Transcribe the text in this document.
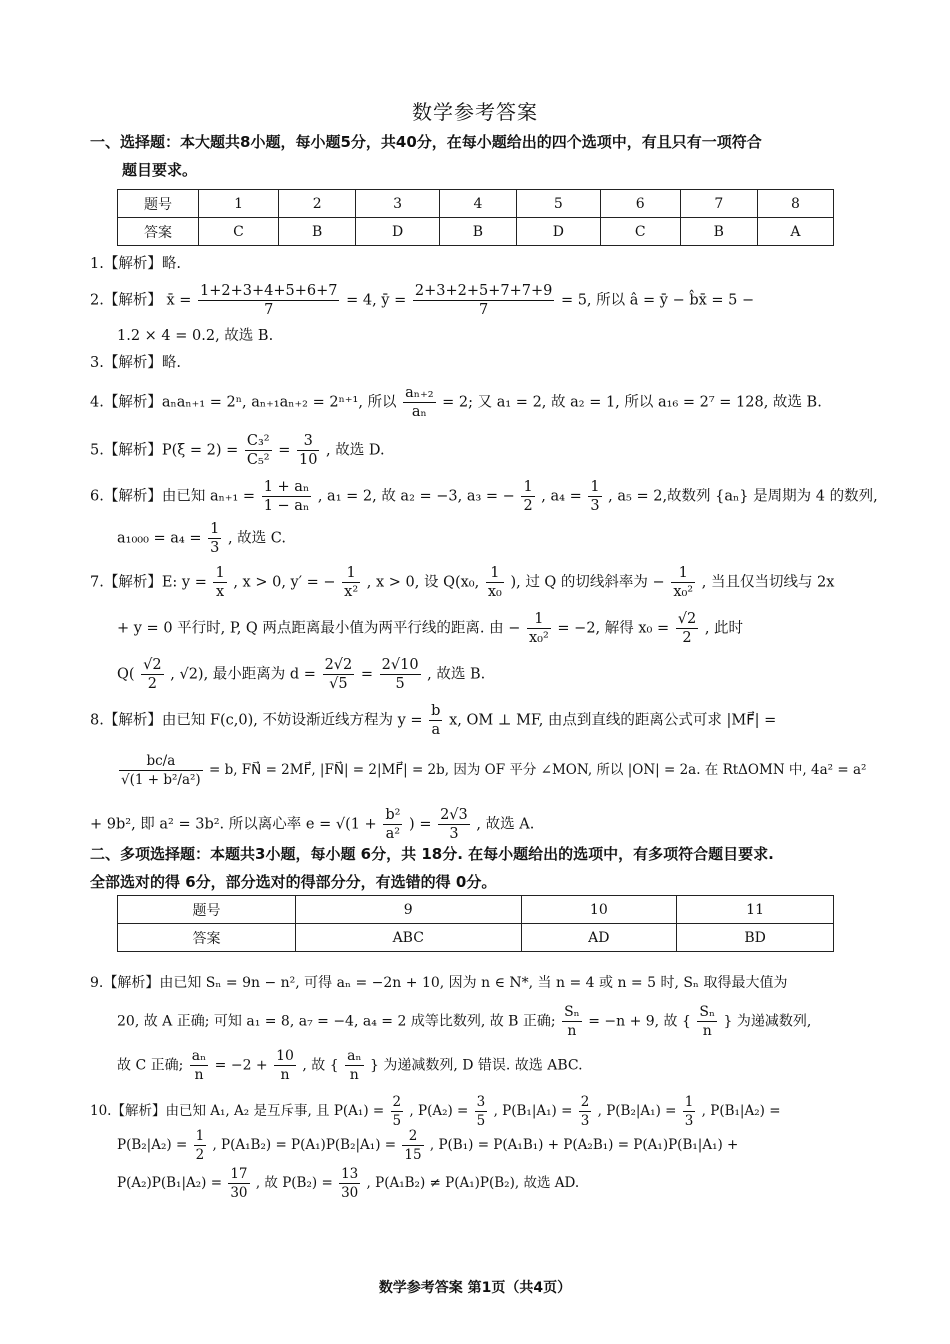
数学参考答案
一、选择题：本大题共8小题，每小题5分，共40分，在每小题给出的四个选项中，有且只有一项符合
题目要求。
题号	1	2	3	4	5	6	7	8
答案	C	B	D	B	D	C	B	A
1.【解析】略.
2.【解析】 x̄ = $\frac{1+2+3+4+5+6+7}{7} = 4$, ȳ = $\frac{2+3+2+5+7+7+9}{7} = 5$, 所以 â = ȳ − b̂x̄ = 5 −
1.2 × 4 = 0.2, 故选 B.
3.【解析】略.
4.【解析】aₙaₙ₊₁ = 2ⁿ, aₙ₊₁aₙ₊₂ = 2ⁿ⁺¹, 所以 $\frac{\text{aₙ₊₂}}{\text{aₙ}} = 2$; 又 a₁ = 2, 故 a₂ = 1, 所以 a₁₆ = 2⁷ = 128, 故选 B.
5.【解析】$P(\xi = 2) = \frac{\text{C₃²}}{\text{C₅²}} = \frac{3}{10}$ , 故选 D.
6.【解析】由已知 $a_{n+1} = \frac{\text{1 + aₙ}}{\text{1 − aₙ}}$ , a₁ = 2, 故 a₂ = −3, a₃ = − $\frac{1}{2}$ , $a_4 = \frac{1}{3}$ , a₅ = 2,故数列 {aₙ} 是周期为 4 的数列,
$a_{1000} = a_4 = \frac{1}{3}$ , 故选 C.
7.【解析】E: $y = \frac{1}{x}$ , x > 0, y′ = − $\frac{1}{\text{x²}}$ , x > 0, 设 Q(x₀, $\frac{1}{\text{x₀}}$ ), 过 Q 的切线斜率为 − $\frac{1}{\text{x₀²}}$ , 当且仅当切线与 2x
+ y = 0 平行时, P, Q 两点距离最小值为两平行线的距离. 由 − $\frac{1}{\text{x₀²}} = -2$, 解得 $x_0 = \frac{√2}{2}$ , 此时
$Q( \frac{√2}{2}$ , √2), 最小距离为 $d = \frac{2√2}{√5} = \frac{2√10}{5}$ , 故选 B.
8.【解析】由已知 F(c,0), 不妨设渐近线方程为 $y = \frac{b}{a} x$, OM ⊥ MF, 由点到直线的距离公式可求 |MF⃗| =
$\frac{bc/a}{\text{√(1 + b²/a²)}} = b$, FN⃗ = 2MF⃗, |FN⃗| = 2|MF⃗| = 2b, 因为 OF 平分 ∠MON, 所以 |ON| = 2a. 在 RtΔOMN 中, 4a² = a²
+ 9b², 即 a² = 3b². 所以离心率 $e = √(1 + \frac{\text{b²}}{\text{a²}}$ ) = $\frac{2√3}{3}$ , 故选 A.
二、多项选择题：本题共3小题，每小题 6分，共 18分. 在每小题给出的选项中，有多项符合题目要求.
全部选对的得 6分，部分选对的得部分分，有选错的得 0分。
题号	9	10	11
答案	ABC	AD	BD
9.【解析】由已知 Sₙ = 9n − n², 可得 aₙ = −2n + 10, 因为 n ∈ N*, 当 n = 4 或 n = 5 时, Sₙ 取得最大值为
20, 故 A 正确; 可知 a₁ = 8, a₇ = −4, a₄ = 2 成等比数列, 故 B 正确; $\frac{\text{Sₙ}}{n} = -n + 9$, 故 { $\frac{\text{Sₙ}}{n}$ } 为递减数列,
故 C 正确; $\frac{\text{aₙ}}{n} = -2 + \frac{10}{n}$ , 故 { $\frac{\text{aₙ}}{n}$ } 为递减数列, D 错误. 故选 ABC.
10.【解析】由已知 A₁, A₂ 是互斥事, 且 $P(A_1) = \frac{2}{5}$ , $P(A_2) = \frac{3}{5}$ , $P(B_1|A_1) = \frac{2}{3}$ , $P(B_2|A_1) = \frac{1}{3}$ , P(B₁|A₂) =
$P(B_2|A_2) = \frac{1}{2}$ , $P(A_1B_2) = P(A_1)P(B_2|A_1) = \frac{2}{15}$ , P(B₁) = P(A₁B₁) + P(A₂B₁) = P(A₁)P(B₁|A₁) +
$P(A_2)P(B_1|A_2) = \frac{17}{30}$ , 故 $P(B_2) = \frac{13}{30}$ , P(A₁B₂) ≠ P(A₁)P(B₂), 故选 AD.
数学参考答案 第1页（共4页）
